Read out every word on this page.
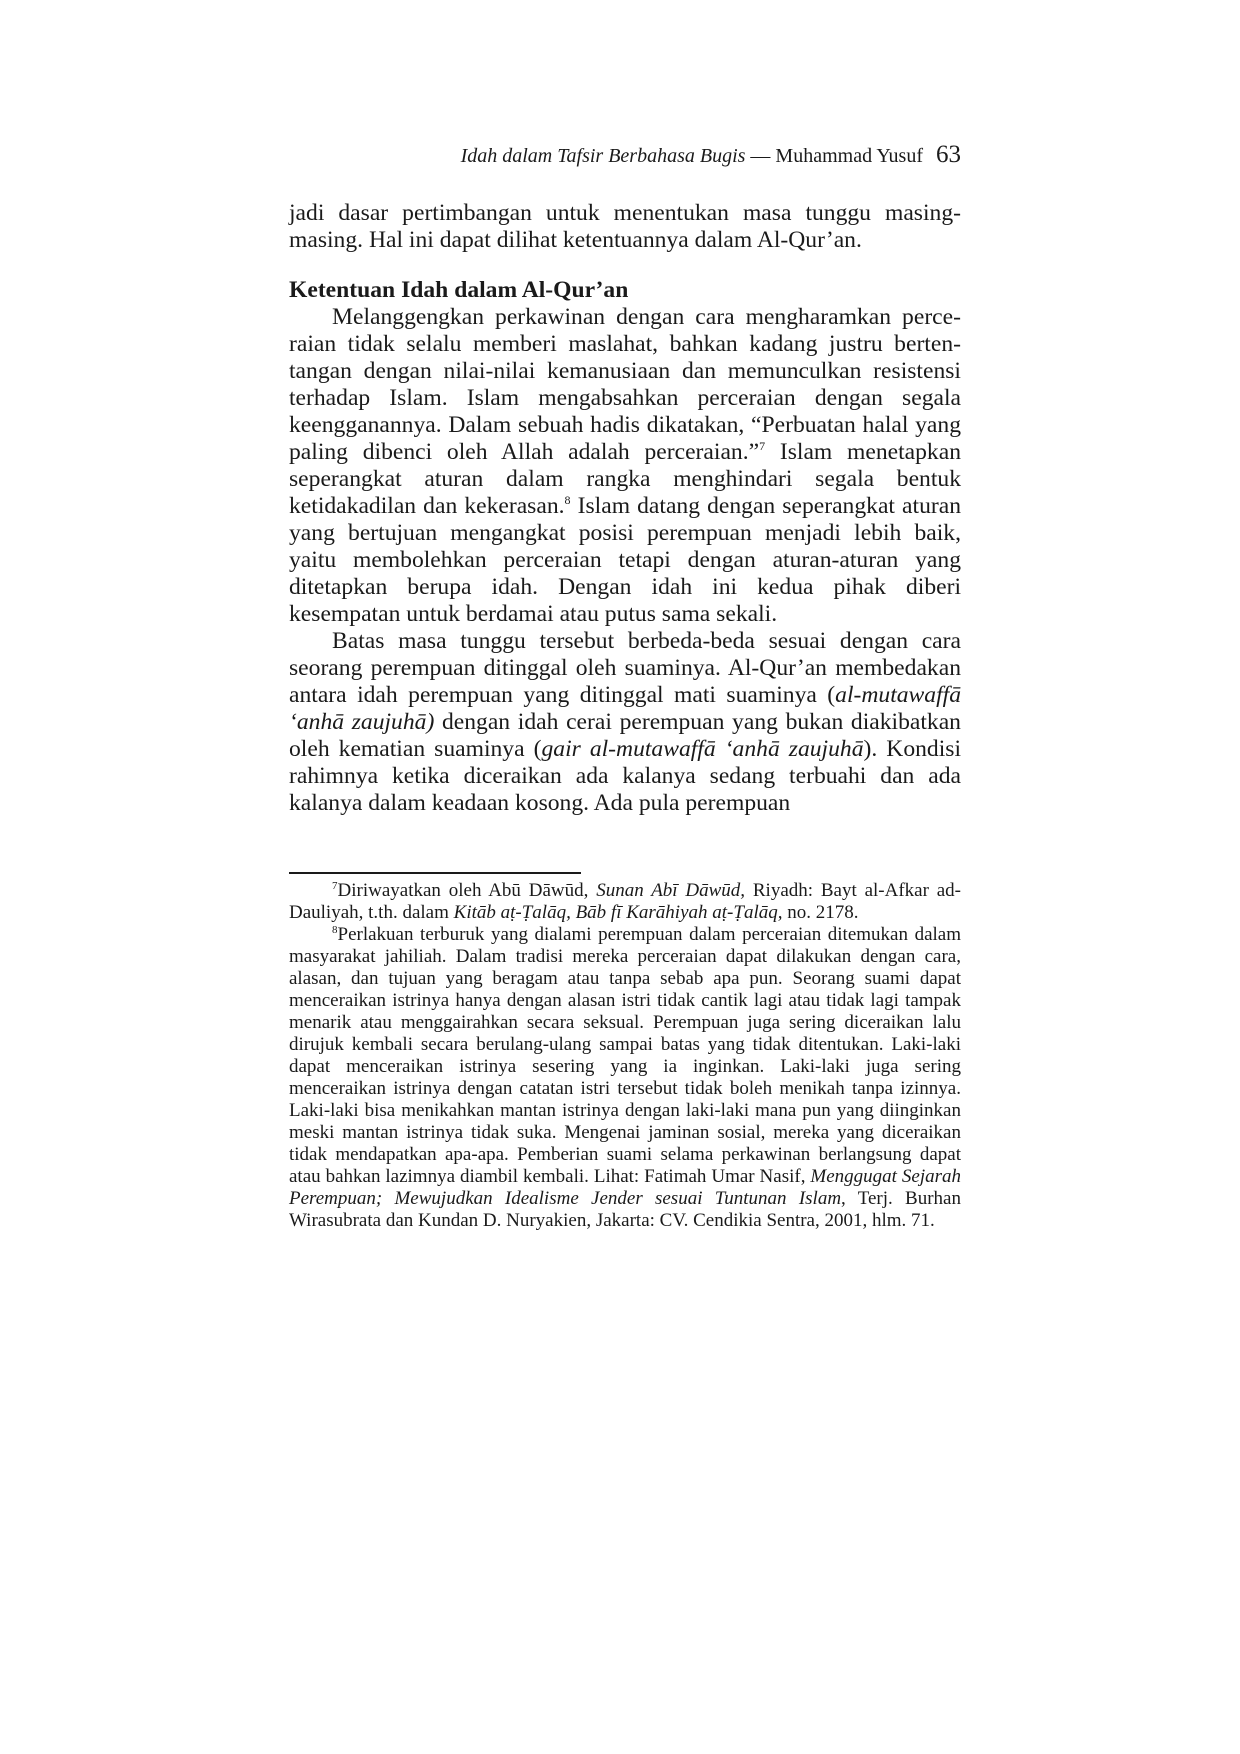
Idah dalam Tafsir Berbahasa Bugis — Muhammad Yusuf 63

jadi dasar pertimbangan untuk menentukan masa tunggu masing-masing. Hal ini dapat dilihat ketentuannya dalam Al-Qur’an.

Ketentuan Idah dalam Al-Qur’an

Melanggengkan perkawinan dengan cara mengharamkan perceraian tidak selalu memberi maslahat, bahkan kadang justru bertentangan dengan nilai-nilai kemanusiaan dan memunculkan resistensi terhadap Islam. Islam mengabsahkan perceraian dengan segala keengganannya. Dalam sebuah hadis dikatakan, “Perbuatan halal yang paling dibenci oleh Allah adalah perceraian.”$^7$ Islam menetapkan seperangkat aturan dalam rangka menghindari segala bentuk ketidakadilan dan kekerasan.$^8$ Islam datang dengan seperangkat aturan yang bertujuan mengangkat posisi perempuan menjadi lebih baik, yaitu membolehkan perceraian tetapi dengan aturan-aturan yang ditetapkan berupa idah. Dengan idah ini kedua pihak diberi kesempatan untuk berdamai atau putus sama sekali.

Batas masa tunggu tersebut berbeda-beda sesuai dengan cara seorang perempuan ditinggal oleh suaminya. Al-Qur’an membedakan antara idah perempuan yang ditinggal mati suaminya (al-mutawaffā ‘anhā zaujuhā) dengan idah cerai perempuan yang bukan diakibatkan oleh kematian suaminya (gair al-mutawaffā ‘anhā zaujuhā). Kondisi rahimnya ketika diceraikan ada kalanya sedang terbuahi dan ada kalanya dalam keadaan kosong. Ada pula perempuan

$^7$Diriwayatkan oleh Abū Dāwūd, Sunan Abī Dāwūd, Riyadh: Bayt al-Afkar ad-Dauliyah, t.th. dalam Kitāb aṭ-Ṭalāq, Bāb fī Karāhiyah aṭ-Ṭalāq, no. 2178.

$^8$Perlakuan terburuk yang dialami perempuan dalam perceraian ditemukan dalam masyarakat jahiliah. Dalam tradisi mereka perceraian dapat dilakukan dengan cara, alasan, dan tujuan yang beragam atau tanpa sebab apa pun. Seorang suami dapat menceraikan istrinya hanya dengan alasan istri tidak cantik lagi atau tidak lagi tampak menarik atau menggairahkan secara seksual. Perempuan juga sering diceraikan lalu dirujuk kembali secara berulang-ulang sampai batas yang tidak ditentukan. Laki-laki dapat menceraikan istrinya sesering yang ia inginkan. Laki-laki juga sering menceraikan istrinya dengan catatan istri tersebut tidak boleh menikah tanpa izinnya. Laki-laki bisa menikahkan mantan istrinya dengan laki-laki mana pun yang diinginkan meski mantan istrinya tidak suka. Mengenai jaminan sosial, mereka yang diceraikan tidak mendapatkan apa-apa. Pemberian suami selama perkawinan berlangsung dapat atau bahkan lazimnya diambil kembali. Lihat: Fatimah Umar Nasif, Menggugat Sejarah Perempuan; Mewujudkan Idealisme Jender sesuai Tuntunan Islam, Terj. Burhan Wirasubrata dan Kundan D. Nuryakien, Jakarta: CV. Cendikia Sentra, 2001, hlm. 71.
